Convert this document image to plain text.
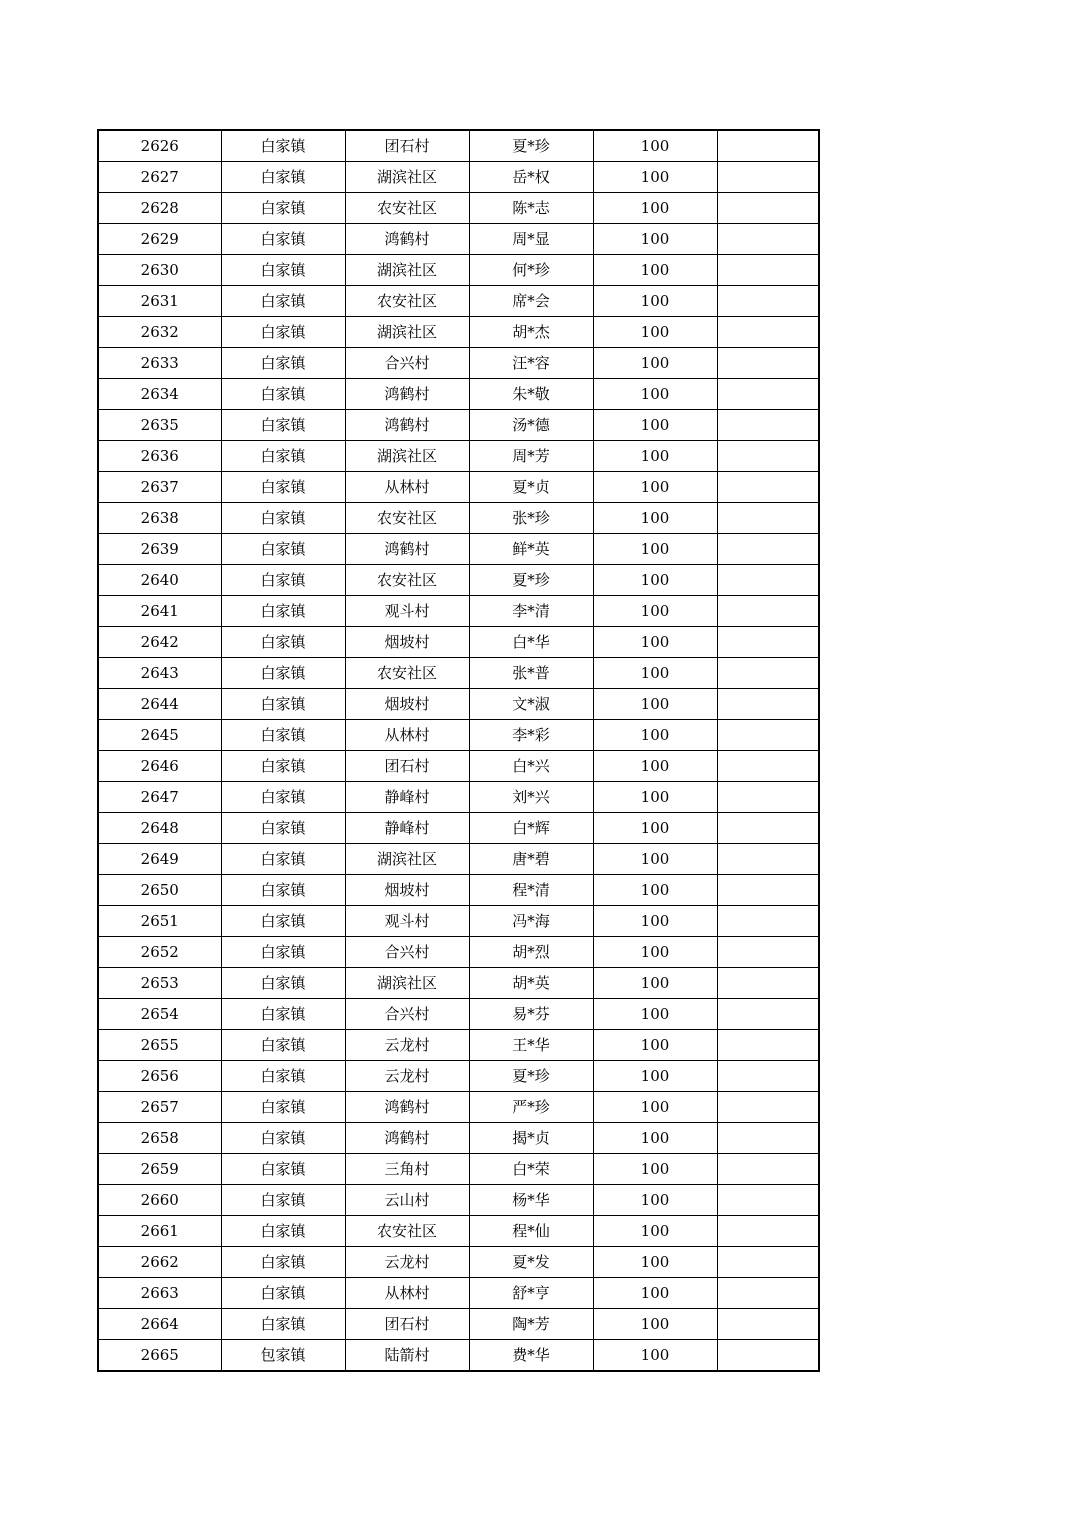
2626	白家镇	团石村	夏*珍	100	
2627	白家镇	湖滨社区	岳*权	100	
2628	白家镇	农安社区	陈*志	100	
2629	白家镇	鸿鹤村	周*显	100	
2630	白家镇	湖滨社区	何*珍	100	
2631	白家镇	农安社区	席*会	100	
2632	白家镇	湖滨社区	胡*杰	100	
2633	白家镇	合兴村	汪*容	100	
2634	白家镇	鸿鹤村	朱*敬	100	
2635	白家镇	鸿鹤村	汤*德	100	
2636	白家镇	湖滨社区	周*芳	100	
2637	白家镇	从林村	夏*贞	100	
2638	白家镇	农安社区	张*珍	100	
2639	白家镇	鸿鹤村	鲜*英	100	
2640	白家镇	农安社区	夏*珍	100	
2641	白家镇	观斗村	李*清	100	
2642	白家镇	烟坡村	白*华	100	
2643	白家镇	农安社区	张*普	100	
2644	白家镇	烟坡村	文*淑	100	
2645	白家镇	从林村	李*彩	100	
2646	白家镇	团石村	白*兴	100	
2647	白家镇	静峰村	刘*兴	100	
2648	白家镇	静峰村	白*辉	100	
2649	白家镇	湖滨社区	唐*碧	100	
2650	白家镇	烟坡村	程*清	100	
2651	白家镇	观斗村	冯*海	100	
2652	白家镇	合兴村	胡*烈	100	
2653	白家镇	湖滨社区	胡*英	100	
2654	白家镇	合兴村	易*芬	100	
2655	白家镇	云龙村	王*华	100	
2656	白家镇	云龙村	夏*珍	100	
2657	白家镇	鸿鹤村	严*珍	100	
2658	白家镇	鸿鹤村	揭*贞	100	
2659	白家镇	三角村	白*荣	100	
2660	白家镇	云山村	杨*华	100	
2661	白家镇	农安社区	程*仙	100	
2662	白家镇	云龙村	夏*发	100	
2663	白家镇	从林村	舒*亨	100	
2664	白家镇	团石村	陶*芳	100	
2665	包家镇	陆箭村	费*华	100	
